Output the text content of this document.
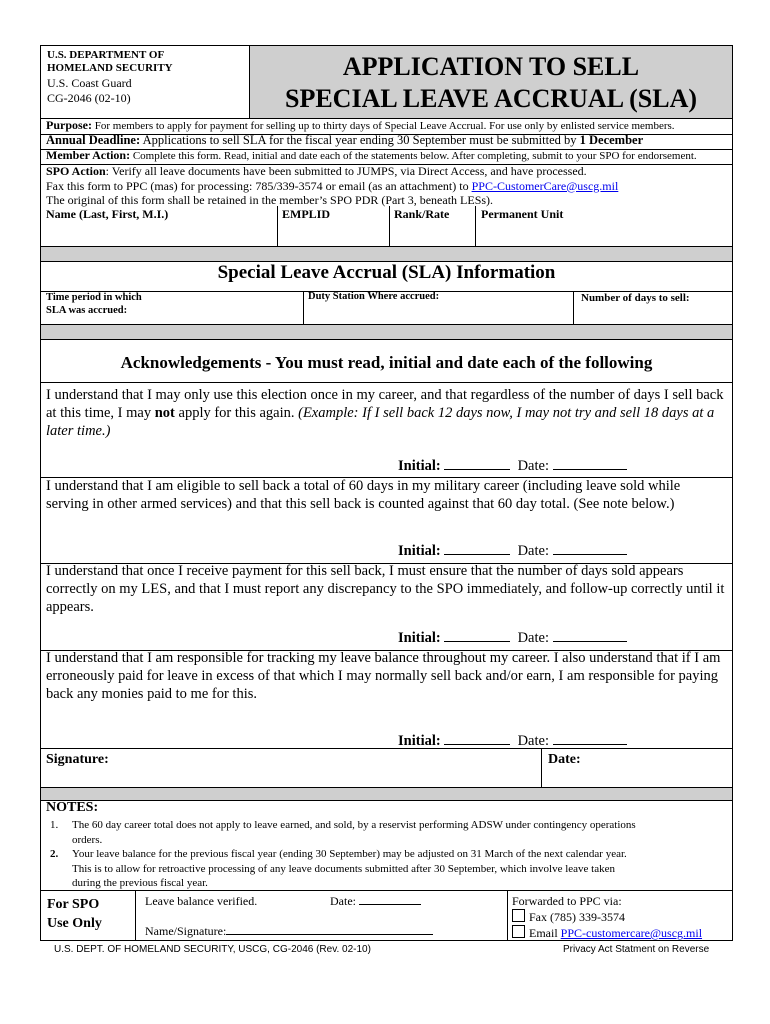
U.S. DEPARTMENT OF
HOMELAND SECURITY
U.S. Coast Guard
CG-2046 (02-10)
APPLICATION TO SELL
SPECIAL LEAVE ACCRUAL (SLA)
Purpose: For members to apply for payment for selling up to thirty days of Special Leave Accrual. For use only by enlisted service members.
Annual Deadline: Applications to sell SLA for the fiscal year ending 30 September must be submitted by 1 December
Member Action: Complete this form. Read, initial and date each of the statements below. After completing, submit to your SPO for endorsement.
SPO Action: Verify all leave documents have been submitted to JUMPS, via Direct Access, and have processed.
Fax this form to PPC (mas) for processing: 785/339-3574 or email (as an attachment) to PPC-CustomerCare@uscg.mil
The original of this form shall be retained in the member’s SPO PDR (Part 3, beneath LESs).
Name (Last, First, M.I.)	EMPLID	Rank/Rate	Permanent Unit
Special Leave Accrual (SLA) Information
Time period in which
SLA was accrued:
Duty Station Where accrued:	Number of days to sell:
Acknowledgements - You must read, initial and date each of the following
I understand that I may only use this election once in my career, and that regardless of the number of days I sell back at this time, I may not apply for this again. (Example: If I sell back 12 days now, I may not try and sell 18 days at a later time.)
Initial:	Date:
I understand that I am eligible to sell back a total of 60 days in my military career (including leave sold while serving in other armed services) and that this sell back is counted against that 60 day total. (See note below.)
Initial:	Date:
I understand that once I receive payment for this sell back, I must ensure that the number of days sold appears correctly on my LES, and that I must report any discrepancy to the SPO immediately, and follow-up correctly until it appears.
Initial:	Date:
I understand that I am responsible for tracking my leave balance throughout my career. I also understand that if I am erroneously paid for leave in excess of that which I may normally sell back and/or earn, I am responsible for paying back any monies paid to me for this.
Initial:	Date:
Signature:	Date:
NOTES:
1. The 60 day career total does not apply to leave earned, and sold, by a reservist performing ADSW under contingency operations
orders.
2. Your leave balance for the previous fiscal year (ending 30 September) may be adjusted on 31 March of the next calendar year.
This is to allow for retroactive processing of any leave documents submitted after 30 September, which involve leave taken
during the previous fiscal year.
For SPO
Use Only
Leave balance verified.	Date:
Name/Signature:
Forwarded to PPC via:
Fax (785) 339-3574
Email PPC-customercare@uscg.mil
U.S. DEPT. OF HOMELAND SECURITY, USCG, CG-2046 (Rev. 02-10)	Privacy Act Statment on Reverse
